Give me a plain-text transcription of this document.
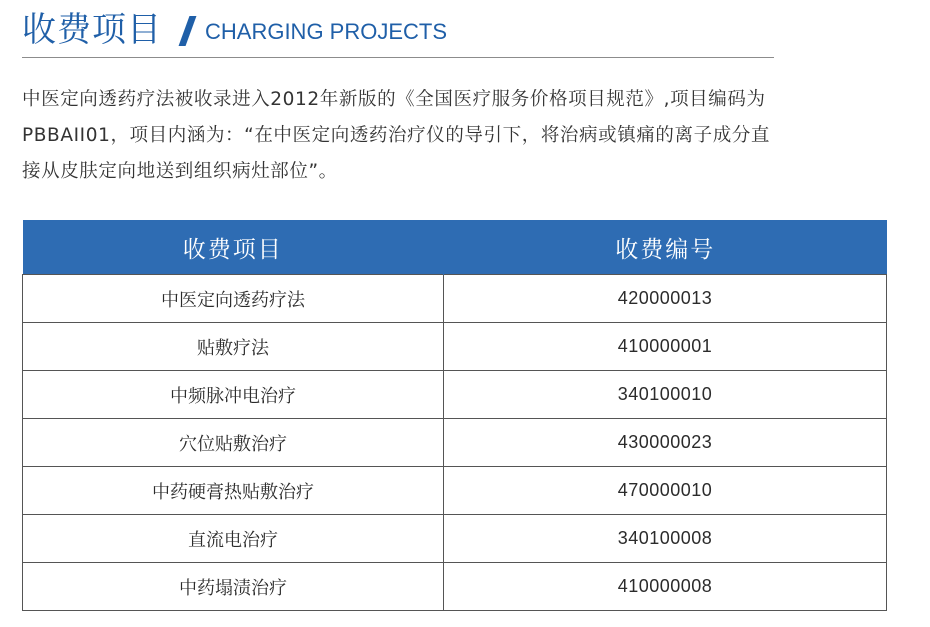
收费项目 CHARGING PROJECTS
中医定向透药疗法被收录进入2012年新版的《全国医疗服务价格项目规范》,项目编码为
PBBAII01，项目内涵为：“在中医定向透药治疗仪的导引下，将治病或镇痛的离子成分直
接从皮肤定向地送到组织病灶部位”。
收费项目	收费编号
中医定向透药疗法	420000013
贴敷疗法	410000001
中频脉冲电治疗	340100010
穴位贴敷治疗	430000023
中药硬膏热贴敷治疗	470000010
直流电治疗	340100008
中药塌渍治疗	410000008
